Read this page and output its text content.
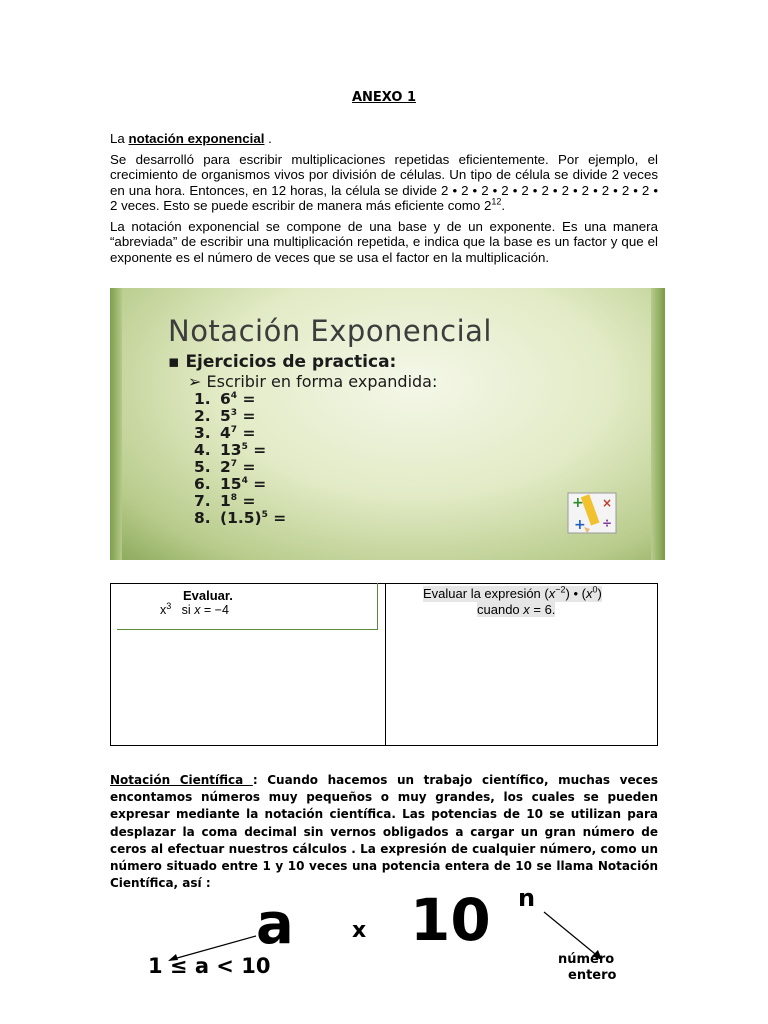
ANEXO 1
La notación exponencial .
Se desarrolló para escribir multiplicaciones repetidas eficientemente. Por ejemplo, el crecimiento de organismos vivos por división de células. Un tipo de célula se divide 2 veces en una hora. Entonces, en 12 horas, la célula se divide 2 • 2 • 2 • 2 • 2 • 2 • 2 • 2 • 2 • 2 • 2 • 2 veces. Esto se puede escribir de manera más eficiente como $2^{12}$.
La notación exponencial se compone de una base y de un exponente. Es una manera “abreviada” de escribir una multiplicación repetida, e indica que la base es un factor y que el exponente es el número de veces que se usa el factor en la multiplicación.
Notación Exponencial
▪ Ejercicios de practica:
➢ Escribir en forma expandida:
1. $6^4$ =
2. $5^3$ =
3. $4^7$ =
4. $13^5$ =
5. $2^7$ =
6. $15^4$ =
7. $1^8$ =
8. $(1.5)^5$ =
+
+
×
÷
Evaluar.
$x^3$   si x = −4
Evaluar la expresión $(x^{-2})$ • $(x^0)$
cuando x = 6.
Notación Científica : Cuando hacemos un trabajo científico, muchas veces encontamos números muy pequeños o muy grandes, los cuales se pueden expresar mediante la notación científica. Las potencias de 10 se utilizan para desplazar la coma decimal sin vernos obligados a cargar un gran número de ceros al efectuar nuestros cálculos . La expresión de cualquier número, como un número situado entre 1 y 10 veces una potencia entera de 10 se llama Notación Científica, así :
a	x 10 n
1 ≤ a < 10	número
entero
